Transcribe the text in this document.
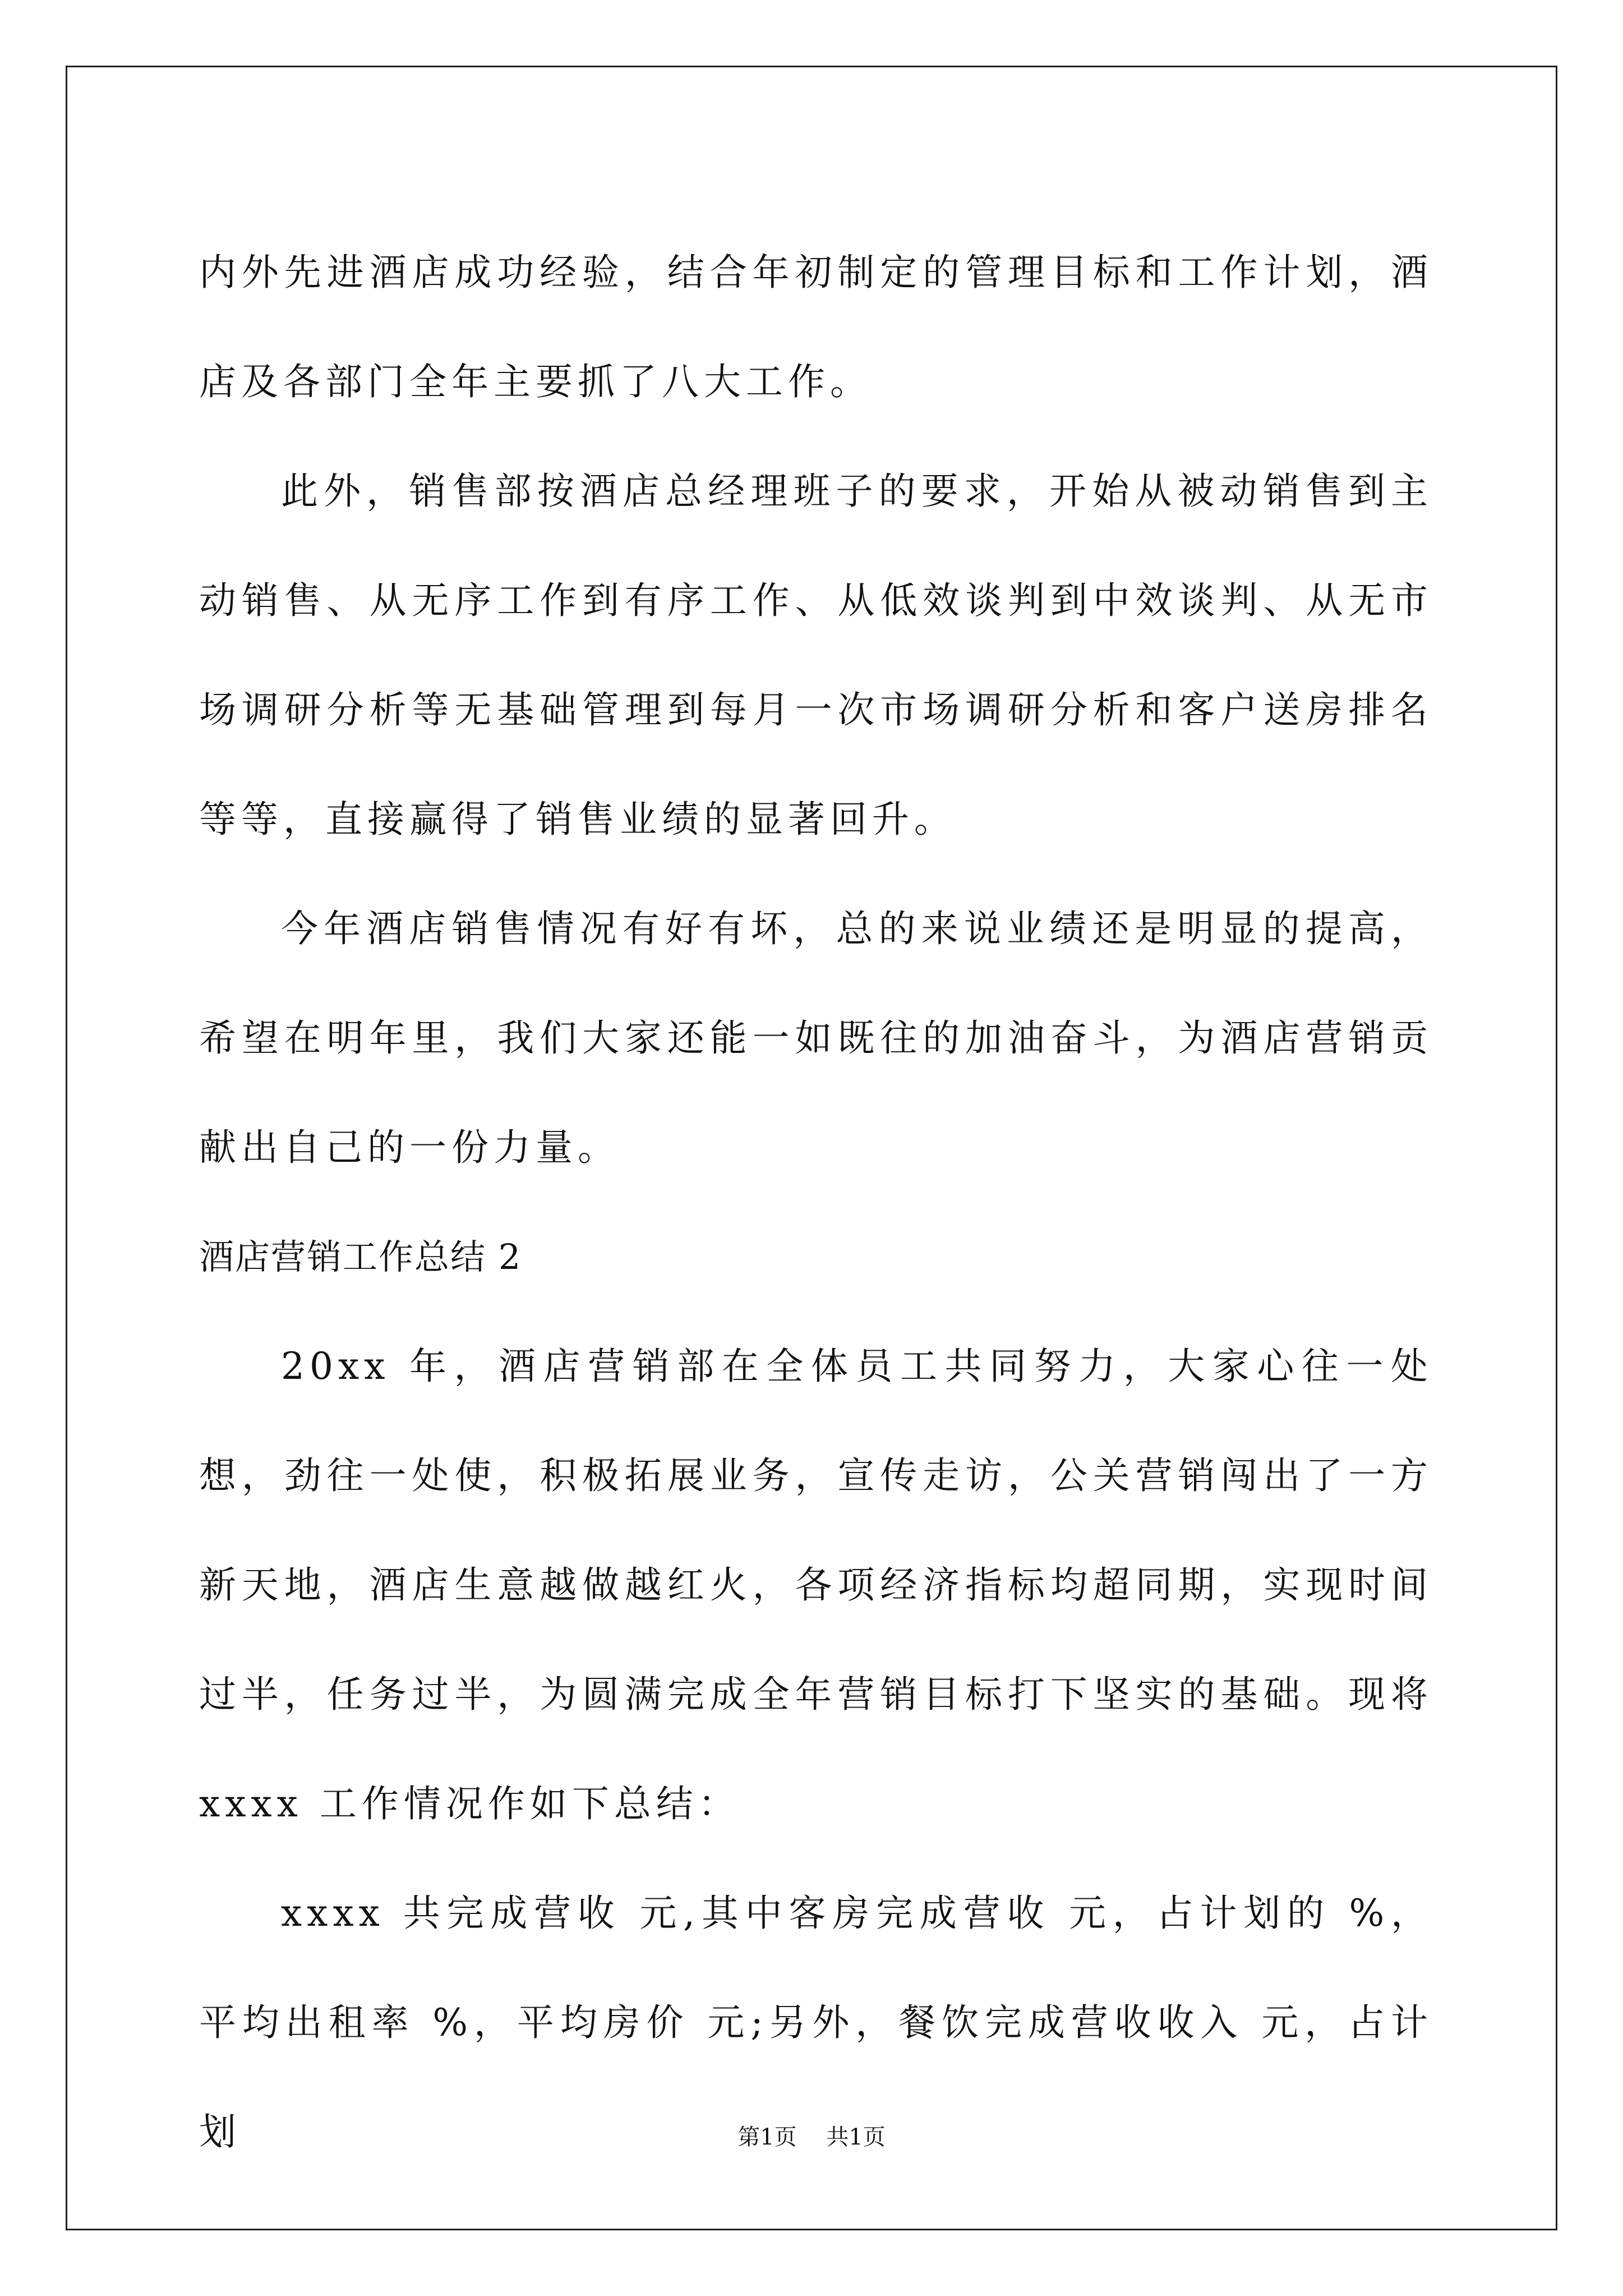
内外先进酒店成功经验，结合年初制定的管理目标和工作计划，酒店及各部门全年主要抓了八大工作。

此外，销售部按酒店总经理班子的要求，开始从被动销售到主动销售、从无序工作到有序工作、从低效谈判到中效谈判、从无市场调研分析等无基础管理到每月一次市场调研分析和客户送房排名等等，直接赢得了销售业绩的显著回升。

今年酒店销售情况有好有坏，总的来说业绩还是明显的提高，希望在明年里，我们大家还能一如既往的加油奋斗，为酒店营销贡献出自己的一份力量。

酒店营销工作总结 2

20xx 年，酒店营销部在全体员工共同努力，大家心往一处想，劲往一处使，积极拓展业务，宣传走访，公关营销闯出了一方新天地，酒店生意越做越红火，各项经济指标均超同期，实现时间过半，任务过半，为圆满完成全年营销目标打下坚实的基础。现将 xxxx 工作情况作如下总结：

xxxx 共完成营收 元,其中客房完成营收 元，占计划的 %，平均出租率 %，平均房价 元;另外，餐饮完成营收收入 元，占计划	第1页 共1页
